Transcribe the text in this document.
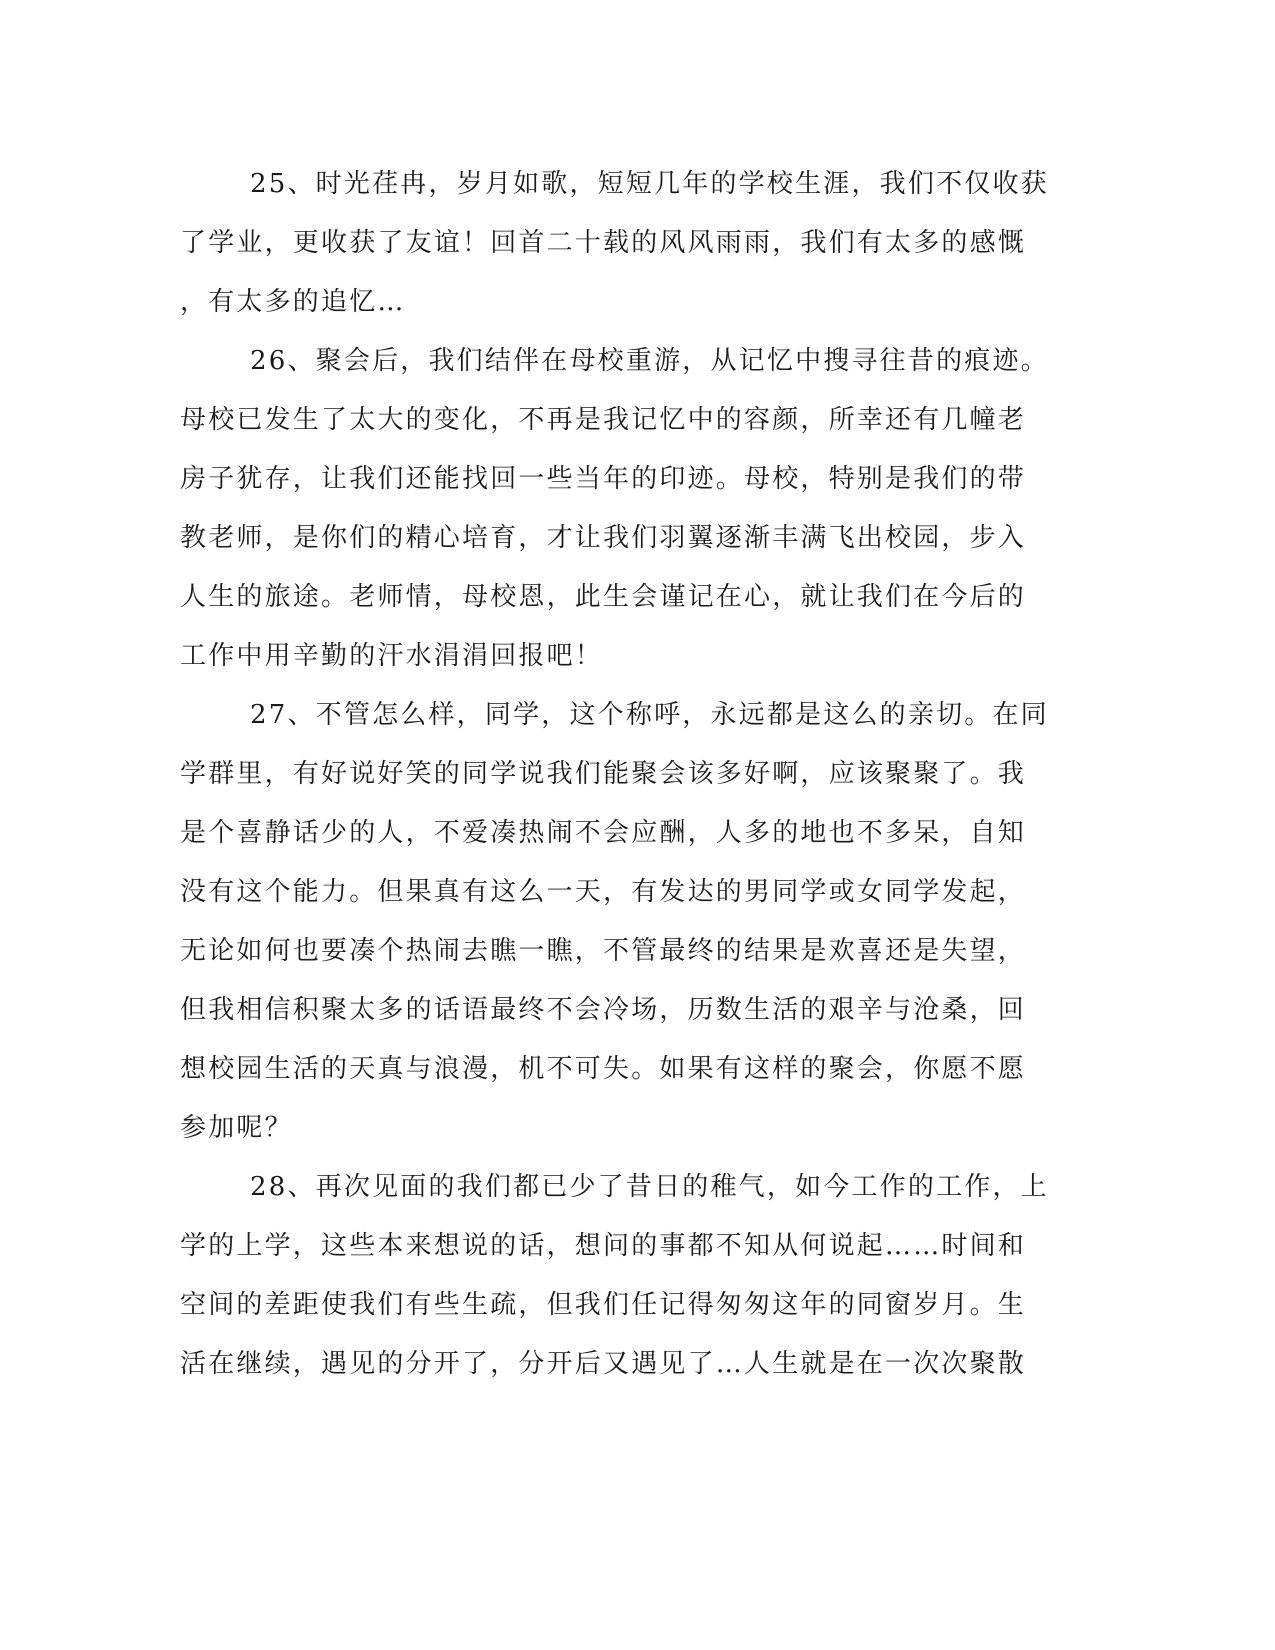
25、时光荏冉，岁月如歌，短短几年的学校生涯，我们不仅收获
了学业，更收获了友谊！回首二十载的风风雨雨，我们有太多的感慨
，有太多的追忆…
26、聚会后，我们结伴在母校重游，从记忆中搜寻往昔的痕迹。
母校已发生了太大的变化，不再是我记忆中的容颜，所幸还有几幢老
房子犹存，让我们还能找回一些当年的印迹。母校，特别是我们的带
教老师，是你们的精心培育，才让我们羽翼逐渐丰满飞出校园，步入
人生的旅途。老师情，母校恩，此生会谨记在心，就让我们在今后的
工作中用辛勤的汗水涓涓回报吧！
27、不管怎么样，同学，这个称呼，永远都是这么的亲切。在同
学群里，有好说好笑的同学说我们能聚会该多好啊，应该聚聚了。我
是个喜静话少的人，不爱凑热闹不会应酬，人多的地也不多呆，自知
没有这个能力。但果真有这么一天，有发达的男同学或女同学发起，
无论如何也要凑个热闹去瞧一瞧，不管最终的结果是欢喜还是失望，
但我相信积聚太多的话语最终不会冷场，历数生活的艰辛与沧桑，回
想校园生活的天真与浪漫，机不可失。如果有这样的聚会，你愿不愿
参加呢？
28、再次见面的我们都已少了昔日的稚气，如今工作的工作，上
学的上学，这些本来想说的话，想问的事都不知从何说起……时间和
空间的差距使我们有些生疏，但我们任记得匆匆这年的同窗岁月。生
活在继续，遇见的分开了，分开后又遇见了…人生就是在一次次聚散
